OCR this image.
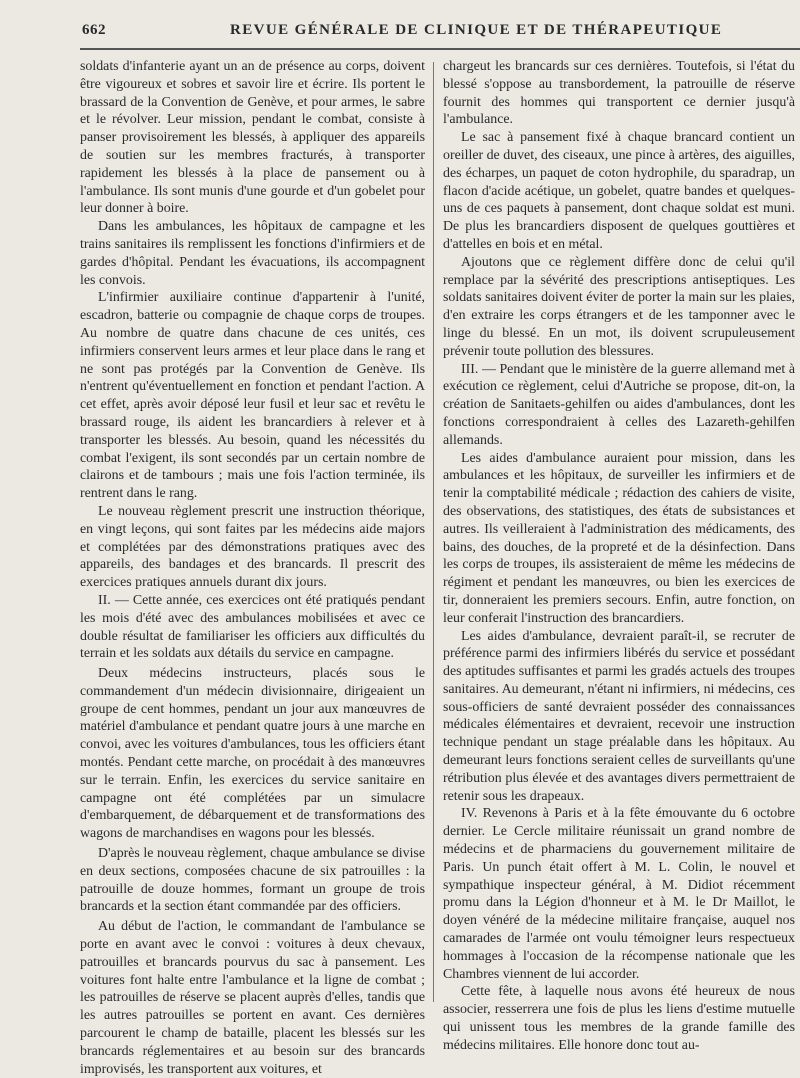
662	REVUE GÉNÉRALE DE CLINIQUE ET DE THÉRAPEUTIQUE

soldats d'infanterie ayant un an de présence au corps, doivent être vigoureux et sobres et savoir lire et écrire. Ils portent le brassard de la Convention de Genève, et pour armes, le sabre et le révolver. Leur mission, pendant le combat, consiste à panser provisoirement les blessés, à appliquer des appareils de soutien sur les membres fracturés, à transporter rapidement les blessés à la place de pansement ou à l'ambulance. Ils sont munis d'une gourde et d'un gobelet pour leur donner à boire.

Dans les ambulances, les hôpitaux de campagne et les trains sanitaires ils remplissent les fonctions d'infirmiers et de gardes d'hôpital. Pendant les évacuations, ils accompagnent les convois.

L'infirmier auxiliaire continue d'appartenir à l'unité, escadron, batterie ou compagnie de chaque corps de troupes. Au nombre de quatre dans chacune de ces unités, ces infirmiers conservent leurs armes et leur place dans le rang et ne sont pas protégés par la Convention de Genève. Ils n'entrent qu'éventuellement en fonction et pendant l'action. A cet effet, après avoir déposé leur fusil et leur sac et revêtu le brassard rouge, ils aident les brancardiers à relever et à transporter les blessés. Au besoin, quand les nécessités du combat l'exigent, ils sont secondés par un certain nombre de clairons et de tambours ; mais une fois l'action terminée, ils rentrent dans le rang.

Le nouveau règlement prescrit une instruction théorique, en vingt leçons, qui sont faites par les médecins aide majors et complétées par des démonstrations pratiques avec des appareils, des bandages et des brancards. Il prescrit des exercices pratiques annuels durant dix jours.

II. — Cette année, ces exercices ont été pratiqués pendant les mois d'été avec des ambulances mobilisées et avec ce double résultat de familiariser les officiers aux difficultés du terrain et les soldats aux détails du service en campagne.

Deux médecins instructeurs, placés sous le commandement d'un médecin divisionnaire, dirigeaient un groupe de cent hommes, pendant un jour aux manœuvres de matériel d'ambulance et pendant quatre jours à une marche en convoi, avec les voitures d'ambulances, tous les officiers étant montés. Pendant cette marche, on procédait à des manœuvres sur le terrain. Enfin, les exercices du service sanitaire en campagne ont été complétées par un simulacre d'embarquement, de débarquement et de transformations des wagons de marchandises en wagons pour les blessés.

D'après le nouveau règlement, chaque ambulance se divise en deux sections, composées chacune de six patrouilles : la patrouille de douze hommes, formant un groupe de trois brancards et la section étant commandée par des officiers.

Au début de l'action, le commandant de l'ambulance se porte en avant avec le convoi : voitures à deux chevaux, patrouilles et brancards pourvus du sac à pansement. Les voitures font halte entre l'ambulance et la ligne de combat ; les patrouilles de réserve se placent auprès d'elles, tandis que les autres patrouilles se portent en avant. Ces dernières parcourent le champ de bataille, placent les blessés sur les brancards réglementaires et au besoin sur des brancards improvisés, les transportent aux voitures, et

chargeut les brancards sur ces dernières. Toutefois, si l'état du blessé s'oppose au transbordement, la patrouille de réserve fournit des hommes qui transportent ce dernier jusqu'à l'ambulance.

Le sac à pansement fixé à chaque brancard contient un oreiller de duvet, des ciseaux, une pince à artères, des aiguilles, des écharpes, un paquet de coton hydrophile, du sparadrap, un flacon d'acide acétique, un gobelet, quatre bandes et quelques-uns de ces paquets à pansement, dont chaque soldat est muni. De plus les brancardiers disposent de quelques gouttières et d'attelles en bois et en métal.

Ajoutons que ce règlement diffère donc de celui qu'il remplace par la sévérité des prescriptions antiseptiques. Les soldats sanitaires doivent éviter de porter la main sur les plaies, d'en extraire les corps étrangers et de les tamponner avec le linge du blessé. En un mot, ils doivent scrupuleusement prévenir toute pollution des blessures.

III. — Pendant que le ministère de la guerre allemand met à exécution ce règlement, celui d'Autriche se propose, dit-on, la création de Sanitaets-gehilfen ou aides d'ambulances, dont les fonctions correspondraient à celles des Lazareth-gehilfen allemands.

Les aides d'ambulance auraient pour mission, dans les ambulances et les hôpitaux, de surveiller les infirmiers et de tenir la comptabilité médicale ; rédaction des cahiers de visite, des observations, des statistiques, des états de subsistances et autres. Ils veilleraient à l'administration des médicaments, des bains, des douches, de la propreté et de la désinfection. Dans les corps de troupes, ils assisteraient de même les médecins de régiment et pendant les manœuvres, ou bien les exercices de tir, donneraient les premiers secours. Enfin, autre fonction, on leur conferait l'instruction des brancardiers.

Les aides d'ambulance, devraient paraît-il, se recruter de préférence parmi des infirmiers libérés du service et possédant des aptitudes suffisantes et parmi les gradés actuels des troupes sanitaires. Au demeurant, n'étant ni infirmiers, ni médecins, ces sous-officiers de santé devraient posséder des connaissances médicales élémentaires et devraient, recevoir une instruction technique pendant un stage préalable dans les hôpitaux. Au demeurant leurs fonctions seraient celles de surveillants qu'une rétribution plus élevée et des avantages divers permettraient de retenir sous les drapeaux.

IV. Revenons à Paris et à la fête émouvante du 6 octobre dernier. Le Cercle militaire réunissait un grand nombre de médecins et de pharmaciens du gouvernement militaire de Paris. Un punch était offert à M. L. Colin, le nouvel et sympathique inspecteur général, à M. Didiot récemment promu dans la Légion d'honneur et à M. le Dr Maillot, le doyen vénéré de la médecine militaire française, auquel nos camarades de l'armée ont voulu témoigner leurs respectueux hommages à l'occasion de la récompense nationale que les Chambres viennent de lui accorder.

Cette fête, à laquelle nous avons été heureux de nous associer, resserrera une fois de plus les liens d'estime mutuelle qui unissent tous les membres de la grande famille des médecins militaires. Elle honore donc tout au-
